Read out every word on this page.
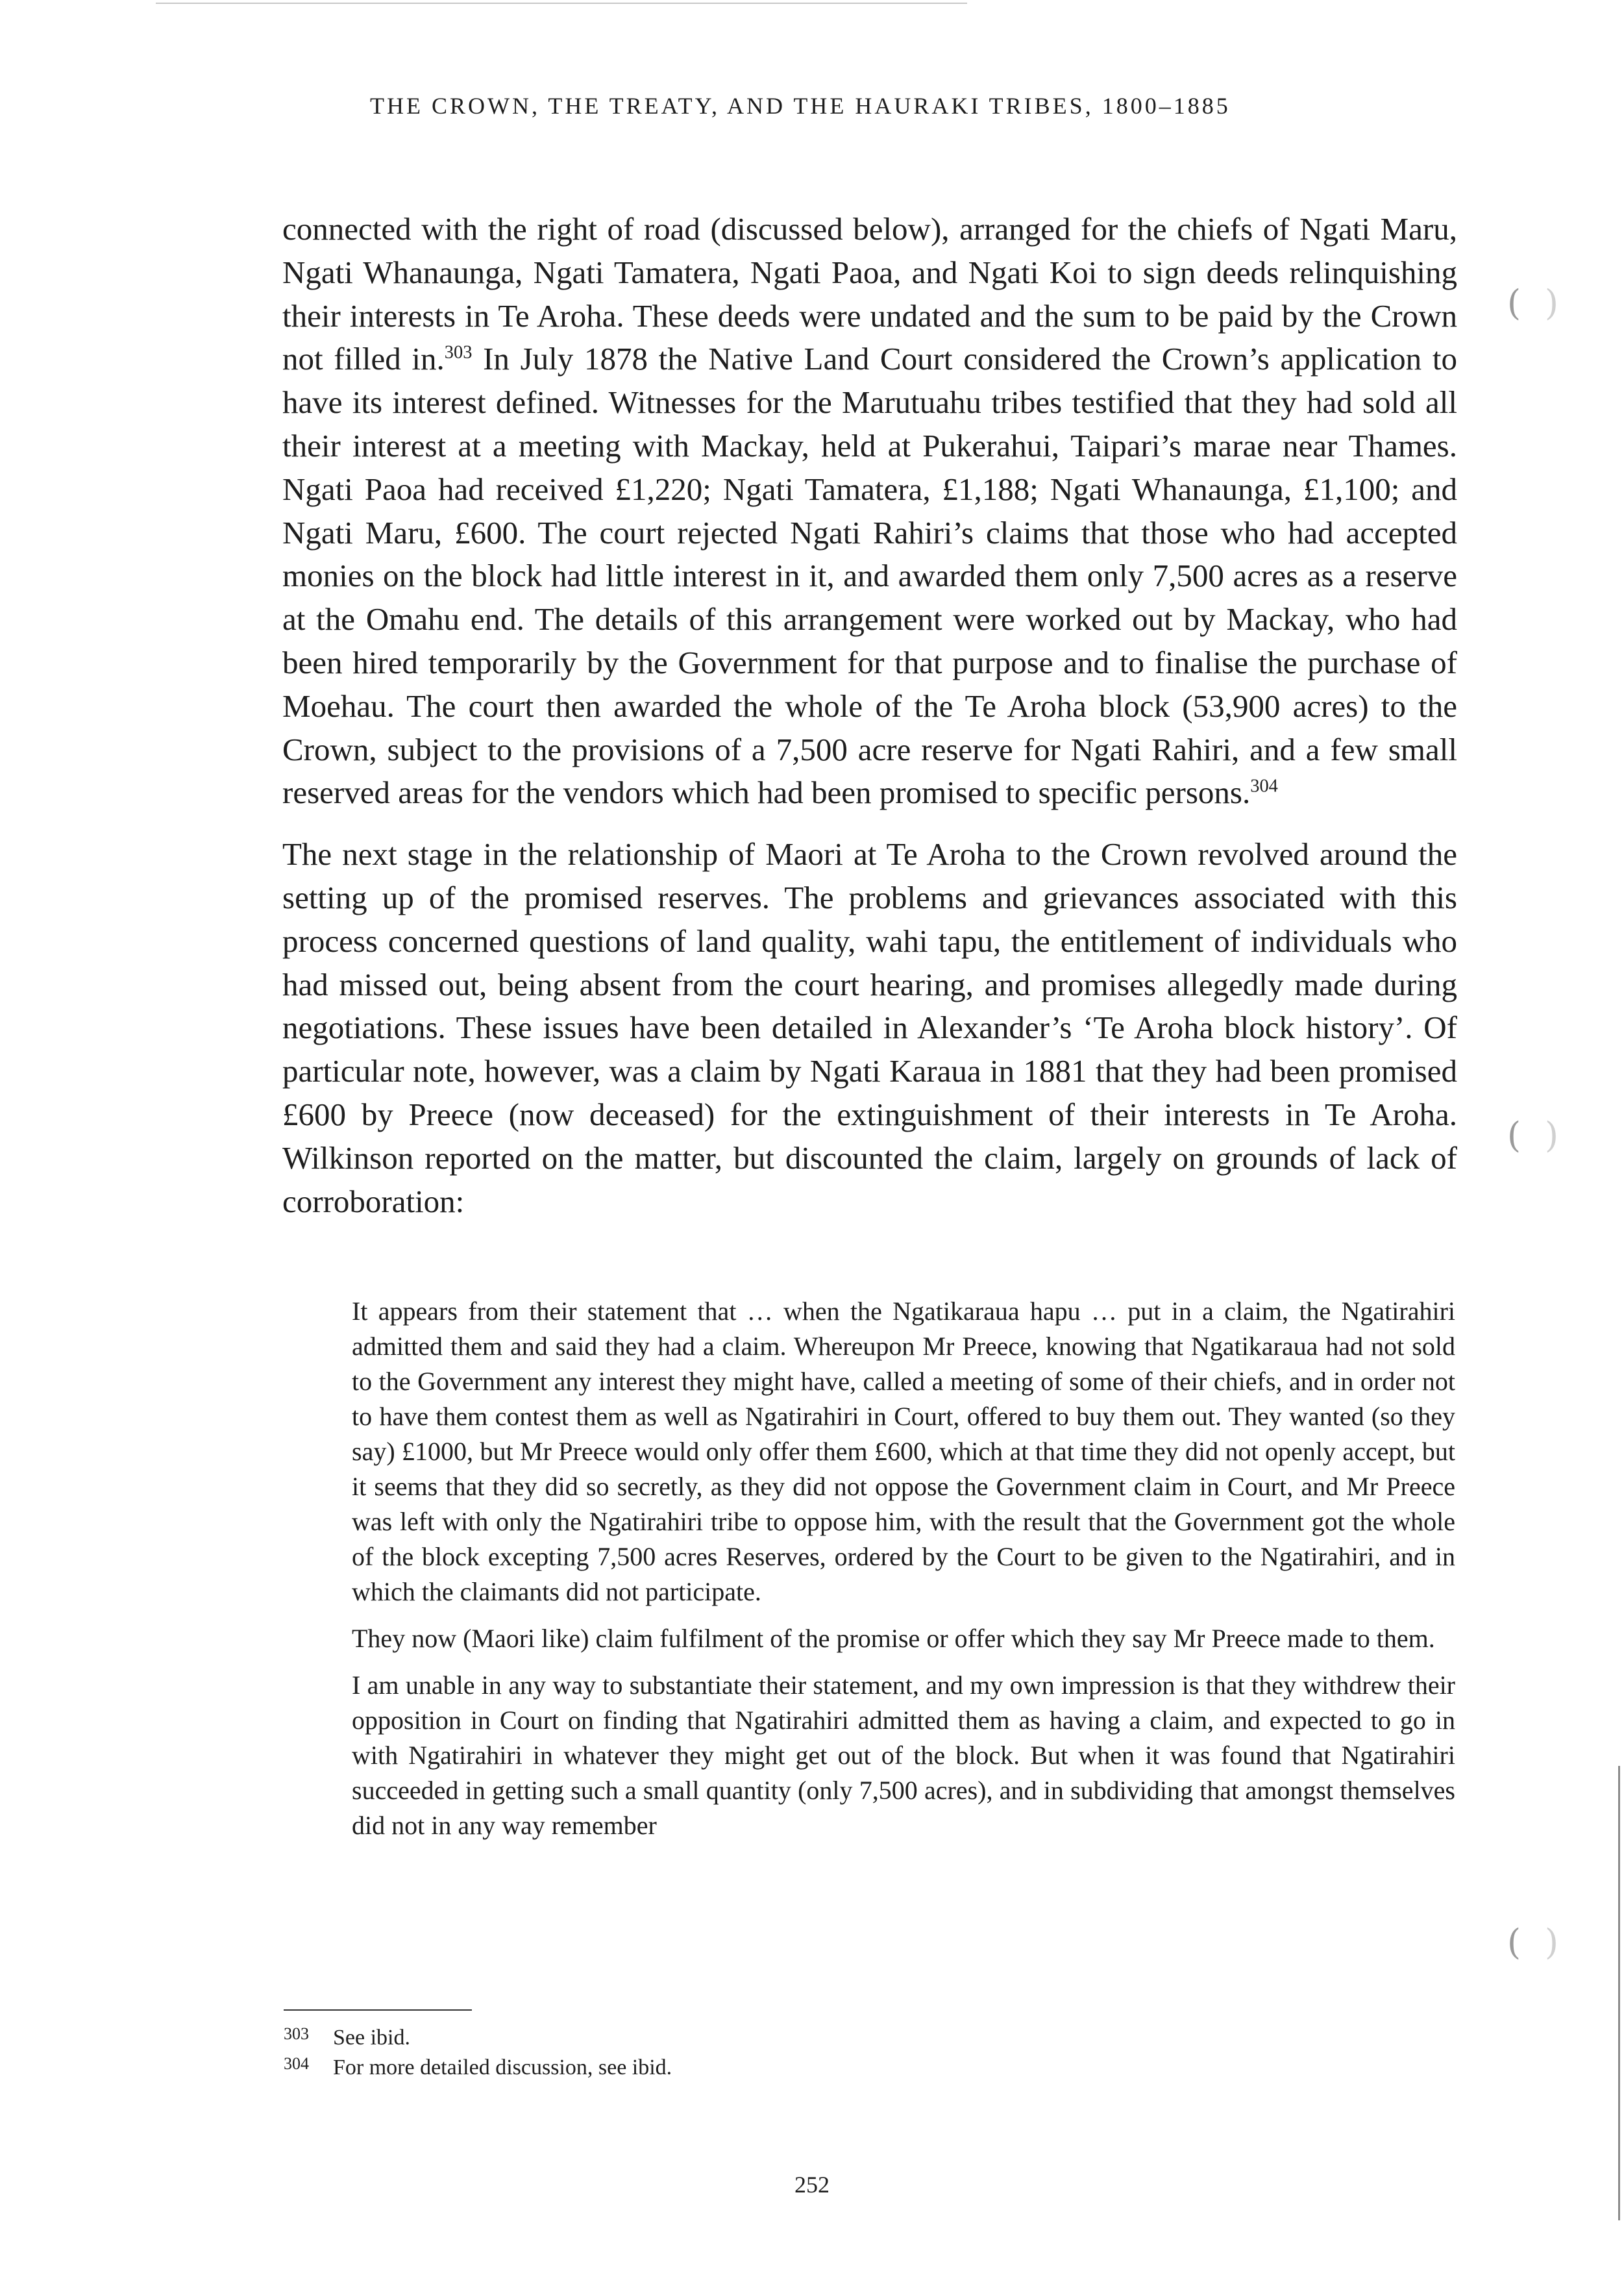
THE CROWN, THE TREATY, AND THE HAURAKI TRIBES, 1800–1885

connected with the right of road (discussed below), arranged for the chiefs of Ngati Maru, Ngati Whanaunga, Ngati Tamatera, Ngati Paoa, and Ngati Koi to sign deeds relinquishing their interests in Te Aroha. These deeds were undated and the sum to be paid by the Crown not filled in.$^{303}$ In July 1878 the Native Land Court considered the Crown’s application to have its interest defined. Witnesses for the Marutuahu tribes testified that they had sold all their interest at a meeting with Mackay, held at Pukerahui, Taipari’s marae near Thames. Ngati Paoa had received £1,220; Ngati Tamatera, £1,188; Ngati Whanaunga, £1,100; and Ngati Maru, £600. The court rejected Ngati Rahiri’s claims that those who had accepted monies on the block had little interest in it, and awarded them only 7,500 acres as a reserve at the Omahu end. The details of this arrangement were worked out by Mackay, who had been hired temporarily by the Government for that purpose and to finalise the purchase of Moehau. The court then awarded the whole of the Te Aroha block (53,900 acres) to the Crown, subject to the provisions of a 7,500 acre reserve for Ngati Rahiri, and a few small reserved areas for the vendors which had been promised to specific persons.$^{304}$

The next stage in the relationship of Maori at Te Aroha to the Crown revolved around the setting up of the promised reserves. The problems and grievances associated with this process concerned questions of land quality, wahi tapu, the entitlement of individuals who had missed out, being absent from the court hearing, and promises allegedly made during negotiations. These issues have been detailed in Alexander’s ‘Te Aroha block history’. Of particular note, however, was a claim by Ngati Karaua in 1881 that they had been promised £600 by Preece (now deceased) for the extinguishment of their interests in Te Aroha. Wilkinson reported on the matter, but discounted the claim, largely on grounds of lack of corroboration:

It appears from their statement that … when the Ngatikaraua hapu … put in a claim, the Ngatirahiri admitted them and said they had a claim. Whereupon Mr Preece, knowing that Ngatikaraua had not sold to the Government any interest they might have, called a meeting of some of their chiefs, and in order not to have them contest them as well as Ngatirahiri in Court, offered to buy them out. They wanted (so they say) £1000, but Mr Preece would only offer them £600, which at that time they did not openly accept, but it seems that they did so secretly, as they did not oppose the Government claim in Court, and Mr Preece was left with only the Ngatirahiri tribe to oppose him, with the result that the Government got the whole of the block excepting 7,500 acres Reserves, ordered by the Court to be given to the Ngatirahiri, and in which the claimants did not participate.

They now (Maori like) claim fulfilment of the promise or offer which they say Mr Preece made to them.

I am unable in any way to substantiate their statement, and my own impression is that they withdrew their opposition in Court on finding that Ngatirahiri admitted them as having a claim, and expected to go in with Ngatirahiri in whatever they might get out of the block. But when it was found that Ngatirahiri succeeded in getting such a small quantity (only 7,500 acres), and in subdividing that amongst themselves did not in any way remember

303	See ibid.
304	For more detailed discussion, see ibid.
252
( )
( )
( )
